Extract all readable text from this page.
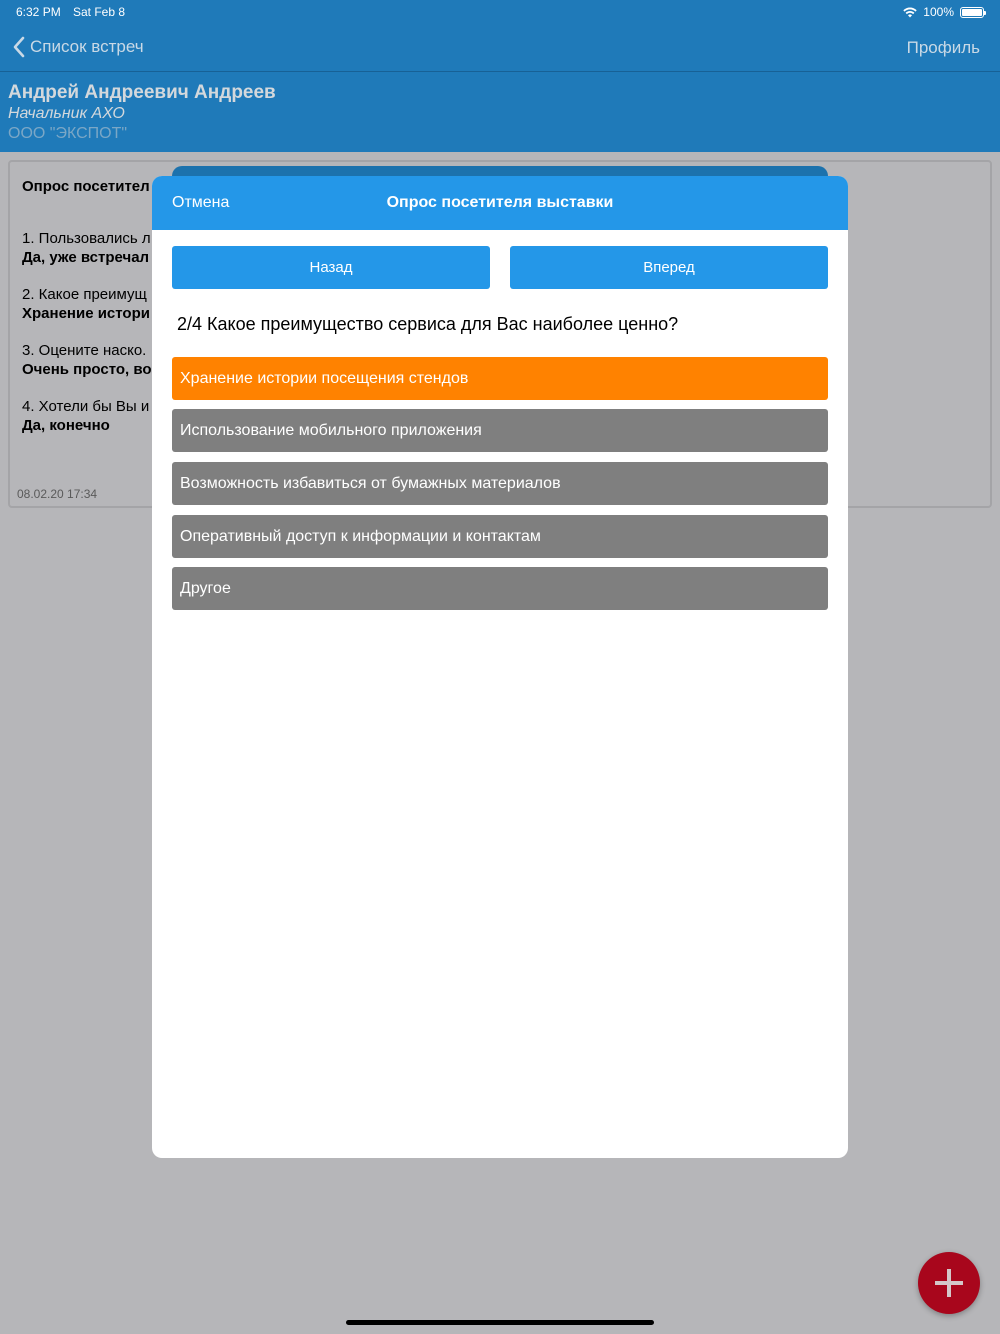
6:32 PM Sat Feb 8	100%
Список встреч	Профиль
Андрей Андреевич Андреев
Начальник АХО
ООО "ЭКСПОТ"
Опрос посетител
1. Пользовались л
Да, уже встречал
2. Какое преимущ
Хранение истори
3. Оцените наско.
Очень просто, во
4. Хотели бы Вы и
Да, конечно
08.02.20 17:34
Отмена	Опрос посетителя выставки
Назад	Вперед
2/4 Какое преимущество сервиса для Вас наиболее ценно?
Хранение истории посещения стендов
Использование мобильного приложения
Возможность избавиться от бумажных материалов
Оперативный доступ к информации и контактам
Другое
